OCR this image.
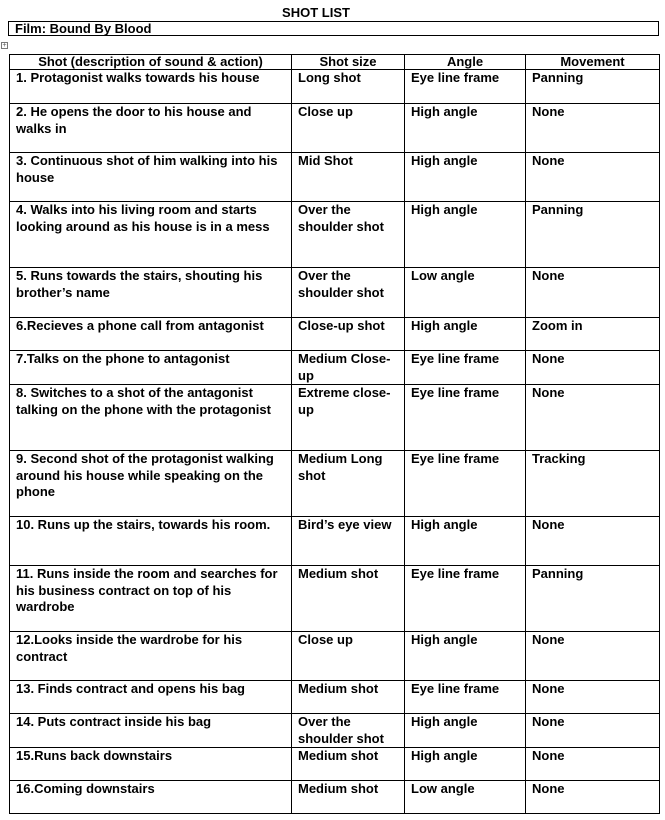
SHOT LIST
Film: Bound By Blood
+
Shot (description of sound & action)	Shot size	Angle	Movement
1. Protagonist walks towards his house	Long shot	Eye line frame	Panning
2. He opens the door to his house and walks in	Close up	High angle	None
3. Continuous shot of him walking into his house	Mid Shot	High angle	None
4. Walks into his living room and starts looking around as his house is in a mess	Over the shoulder shot	High angle	Panning
5. Runs towards the stairs, shouting his brother’s name	Over the shoulder shot	Low angle	None
6.Recieves a phone call from antagonist	Close-up shot	High angle	Zoom in
7.Talks on the phone to antagonist	Medium Close-up	Eye line frame	None
8. Switches to a shot of the antagonist talking on the phone with the protagonist	Extreme close-up	Eye line frame	None
9. Second shot of the protagonist walking around his house while speaking on the phone	Medium Long shot	Eye line frame	Tracking
10. Runs up the stairs, towards his room.	Bird’s eye view	High angle	None
11. Runs inside the room and searches for his business contract on top of his wardrobe	Medium shot	Eye line frame	Panning
12.Looks inside the wardrobe for his contract	Close up	High angle	None
13. Finds contract and opens his bag	Medium shot	Eye line frame	None
14. Puts contract inside his bag	Over the shoulder shot	High angle	None
15.Runs back downstairs	Medium shot	High angle	None
16.Coming downstairs	Medium shot	Low angle	None
